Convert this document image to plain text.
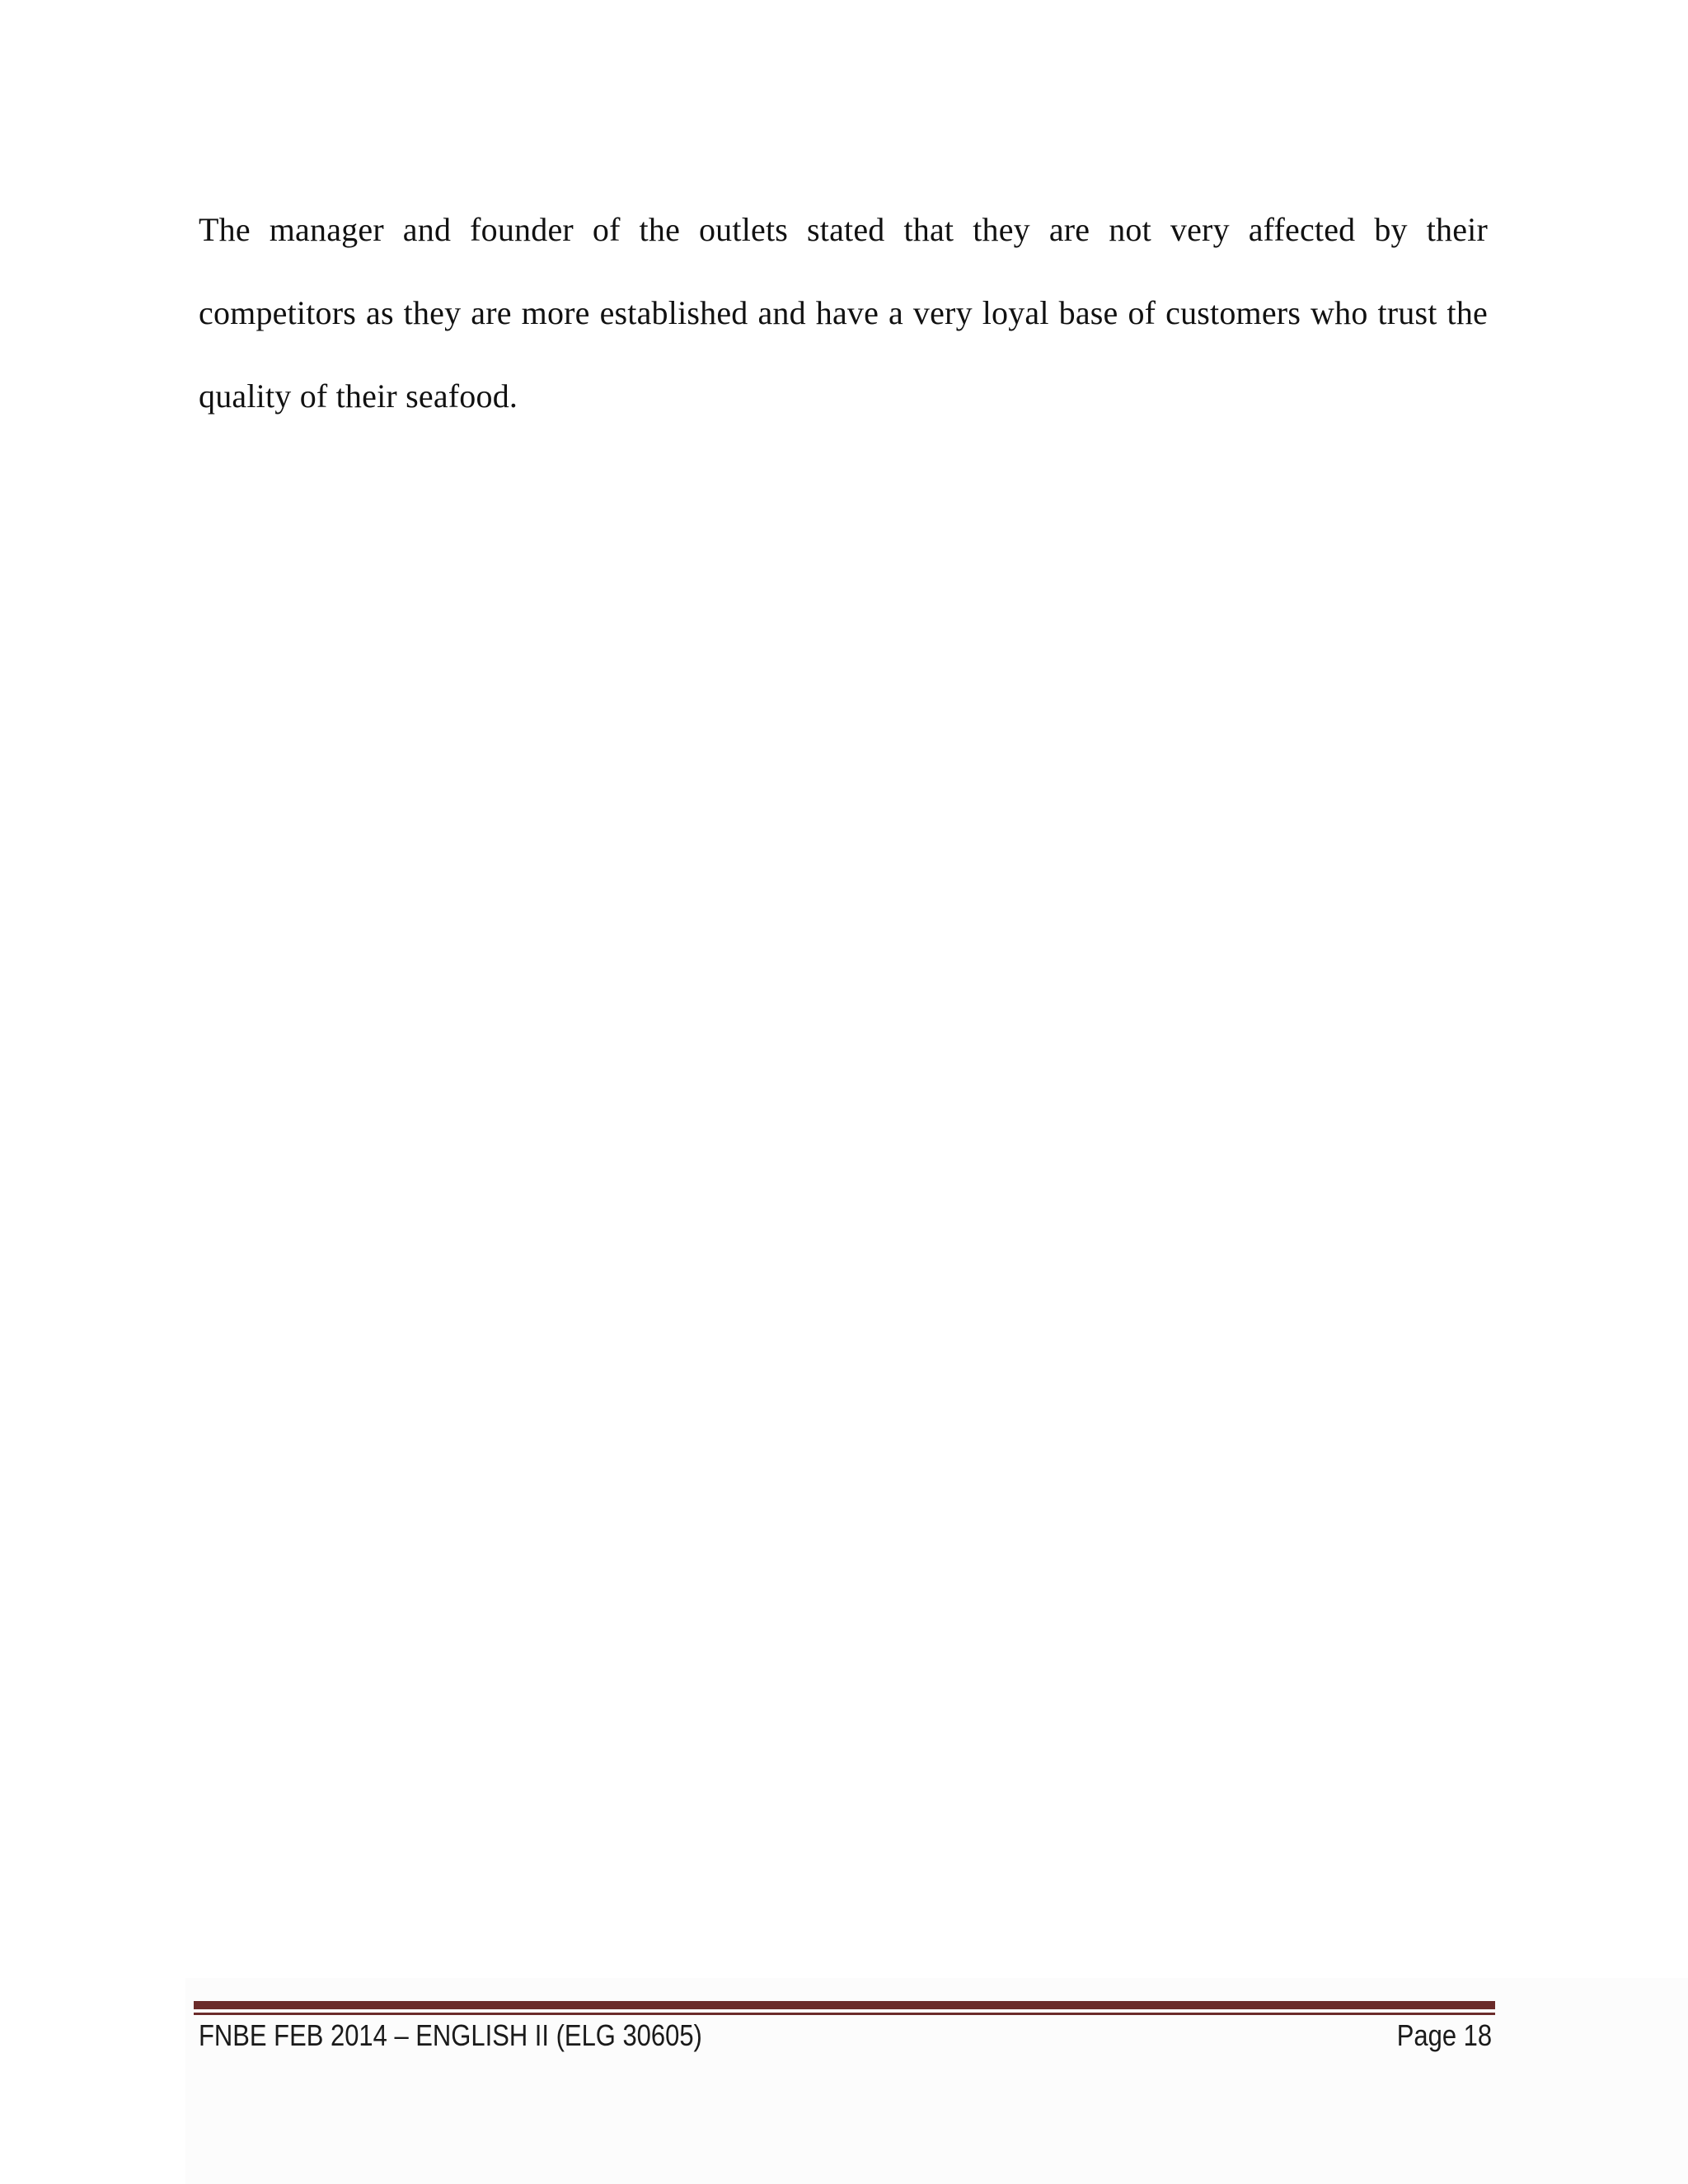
The manager and founder of the outlets stated that they are not very affected by their competitors as they are more established and have a very loyal base of customers who trust the quality of their seafood.

FNBE FEB 2014 – ENGLISH II (ELG 30605)	Page 18
